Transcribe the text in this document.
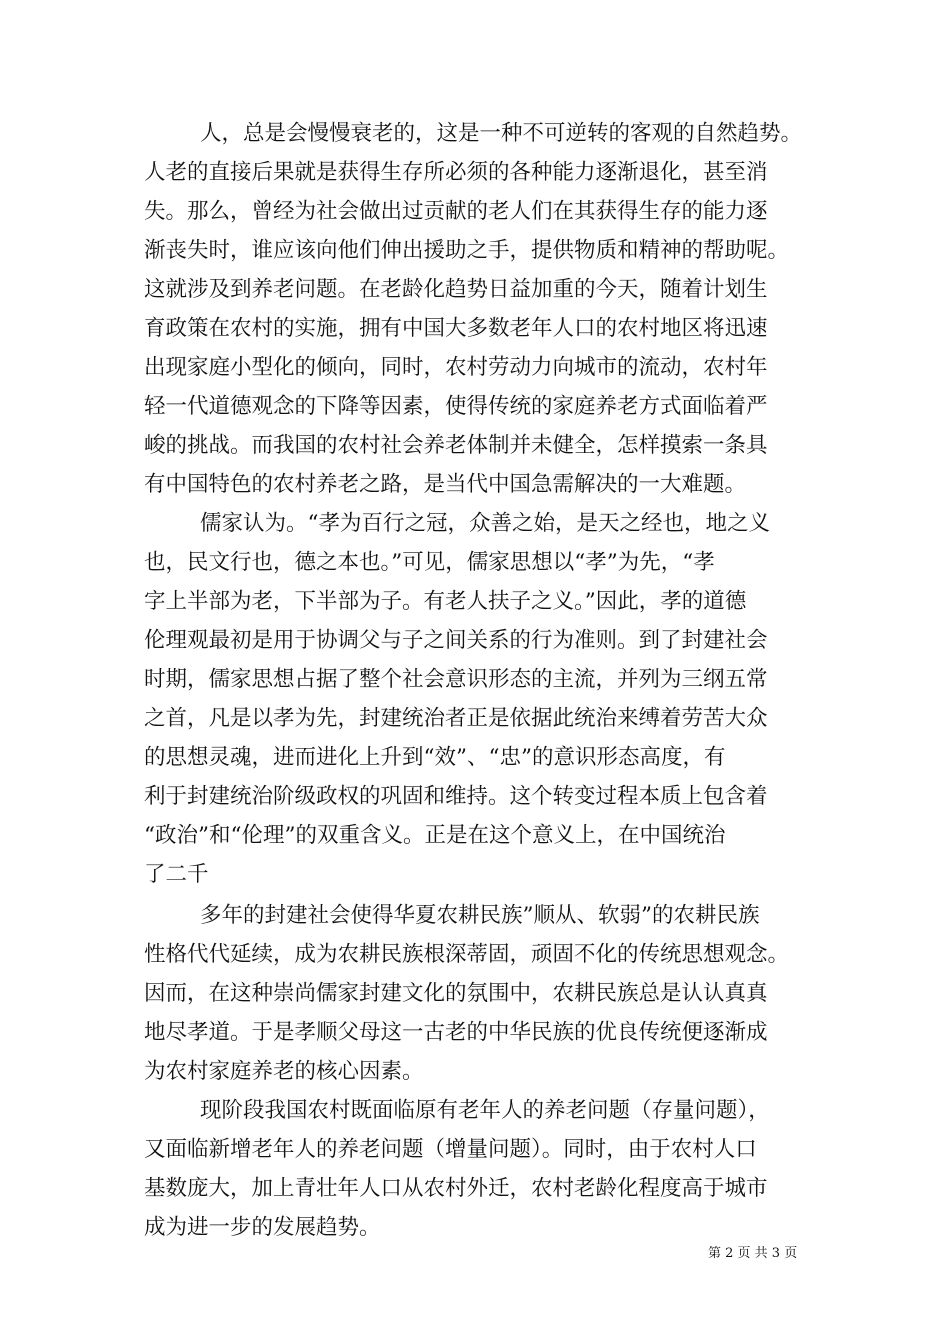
人，总是会慢慢衰老的，这是一种不可逆转的客观的自然趋势。
人老的直接后果就是获得生存所必须的各种能力逐渐退化，甚至消
失。那么，曾经为社会做出过贡献的老人们在其获得生存的能力逐
渐丧失时，谁应该向他们伸出援助之手，提供物质和精神的帮助呢。
这就涉及到养老问题。在老龄化趋势日益加重的今天，随着计划生
育政策在农村的实施，拥有中国大多数老年人口的农村地区将迅速
出现家庭小型化的倾向，同时，农村劳动力向城市的流动，农村年
轻一代道德观念的下降等因素，使得传统的家庭养老方式面临着严
峻的挑战。而我国的农村社会养老体制并未健全，怎样摸索一条具
有中国特色的农村养老之路，是当代中国急需解决的一大难题。
儒家认为。“孝为百行之冠，众善之始，是天之经也，地之义
也，民文行也，德之本也。”可见，儒家思想以“孝”为先，“孝
字上半部为老，下半部为子。有老人扶子之义。”因此，孝的道德
伦理观最初是用于协调父与子之间关系的行为准则。到了封建社会
时期，儒家思想占据了整个社会意识形态的主流，并列为三纲五常
之首，凡是以孝为先，封建统治者正是依据此统治来缚着劳苦大众
的思想灵魂，进而进化上升到“效”、“忠”的意识形态高度，有
利于封建统治阶级政权的巩固和维持。这个转变过程本质上包含着
“政治”和“伦理”的双重含义。正是在这个意义上，在中国统治
了二千
多年的封建社会使得华夏农耕民族”顺从、软弱”的农耕民族
性格代代延续，成为农耕民族根深蒂固，顽固不化的传统思想观念。
因而，在这种崇尚儒家封建文化的氛围中，农耕民族总是认认真真
地尽孝道。于是孝顺父母这一古老的中华民族的优良传统便逐渐成
为农村家庭养老的核心因素。
现阶段我国农村既面临原有老年人的养老问题（存量问题），
又面临新增老年人的养老问题（增量问题）。同时，由于农村人口
基数庞大，加上青壮年人口从农村外迁，农村老龄化程度高于城市
成为进一步的发展趋势。
第 2 页 共 3 页
